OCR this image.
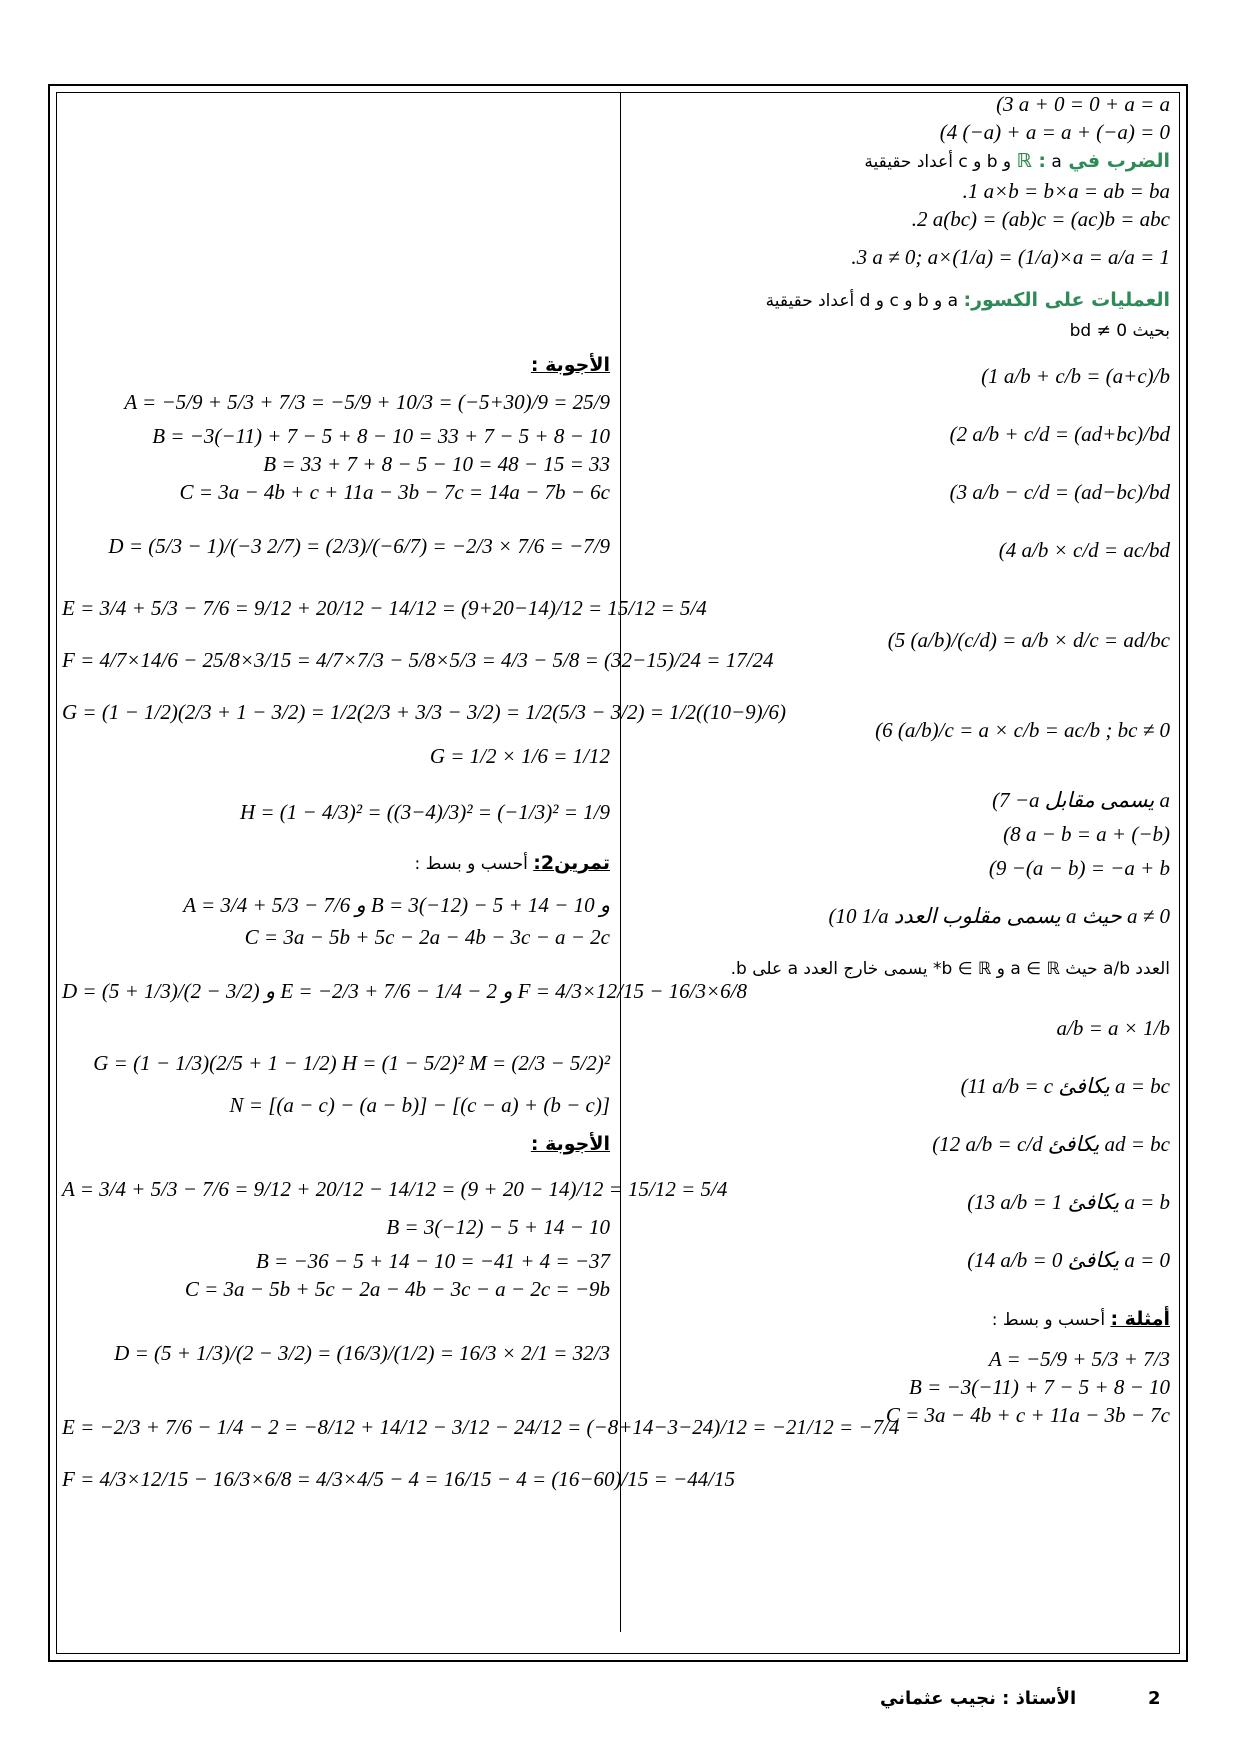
(3 a + 0 = 0 + a = a
(4 (−a) + a = a + (−a) = 0
الضرب في ℝ : a و b و c أعداد حقيقية
.1 a×b = b×a = ab = ba
.2 a(bc) = (ab)c = (ac)b = abc
.3 a ≠ 0; a×(1/a) = (1/a)×a = a/a = 1
العمليات على الكسور: a و b و c و d أعداد حقيقية
بحيث bd ≠ 0
(1 a/b + c/b = (a+c)/b
(2 a/b + c/d = (ad+bc)/bd
(3 a/b − c/d = (ad−bc)/bd
(4 a/b × c/d = ac/bd
(5 (a/b)/(c/d) = a/b × d/c = ad/bc
(6 (a/b)/c = a × c/b = ac/b ; bc ≠ 0
(7 −a يسمى مقابل a
(8 a − b = a + (−b)
(9 −(a − b) = −a + b
(10 1/a يسمى مقلوب العدد a حيث a ≠ 0
العدد a/b حيث a ∈ ℝ و b ∈ ℝ* يسمى خارج العدد a على b.
a/b = a × 1/b
(11 a/b = c يكافئ a = bc
(12 a/b = c/d يكافئ ad = bc
(13 a/b = 1 يكافئ a = b
(14 a/b = 0 يكافئ a = 0
أمثلة : أحسب و بسط :
A = −5/9 + 5/3 + 7/3
B = −3(−11) + 7 − 5 + 8 − 10
C = 3a − 4b + c + 11a − 3b − 7c
الأجوبة :
A = −5/9 + 5/3 + 7/3 = −5/9 + 10/3 = (−5+30)/9 = 25/9
B = −3(−11) + 7 − 5 + 8 − 10 = 33 + 7 − 5 + 8 − 10
B = 33 + 7 + 8 − 5 − 10 = 48 − 15 = 33
C = 3a − 4b + c + 11a − 3b − 7c = 14a − 7b − 6c
D = (5/3 − 1)/(−3 2/7) = (2/3)/(−6/7) = −2/3 × 7/6 = −7/9
E = 3/4 + 5/3 − 7/6 = 9/12 + 20/12 − 14/12 = (9+20−14)/12 = 15/12 = 5/4
F = 4/7×14/6 − 25/8×3/15 = 4/7×7/3 − 5/8×5/3 = 4/3 − 5/8 = (32−15)/24 = 17/24
G = (1 − 1/2)(2/3 + 1 − 3/2) = 1/2(2/3 + 3/3 − 3/2) = 1/2(5/3 − 3/2) = 1/2((10−9)/6)
G = 1/2 × 1/6 = 1/12
H = (1 − 4/3)² = ((3−4)/3)² = (−1/3)² = 1/9
تمرين2: أحسب و بسط :
A = 3/4 + 5/3 − 7/6 و B = 3(−12) − 5 + 14 − 10 و
C = 3a − 5b + 5c − 2a − 4b − 3c − a − 2c
D = (5 + 1/3)/(2 − 3/2) و E = −2/3 + 7/6 − 1/4 − 2 و F = 4/3×12/15 − 16/3×6/8
G = (1 − 1/3)(2/5 + 1 − 1/2) H = (1 − 5/2)² M = (2/3 − 5/2)²
N = [(a − c) − (a − b)] − [(c − a) + (b − c)]
الأجوبة :
A = 3/4 + 5/3 − 7/6 = 9/12 + 20/12 − 14/12 = (9 + 20 − 14)/12 = 15/12 = 5/4
B = 3(−12) − 5 + 14 − 10
B = −36 − 5 + 14 − 10 = −41 + 4 = −37
C = 3a − 5b + 5c − 2a − 4b − 3c − a − 2c = −9b
D = (5 + 1/3)/(2 − 3/2) = (16/3)/(1/2) = 16/3 × 2/1 = 32/3
E = −2/3 + 7/6 − 1/4 − 2 = −8/12 + 14/12 − 3/12 − 24/12 = (−8+14−3−24)/12 = −21/12 = −7/4
F = 4/3×12/15 − 16/3×6/8 = 4/3×4/5 − 4 = 16/15 − 4 = (16−60)/15 = −44/15
2
الأستاذ : نجيب عثماني
